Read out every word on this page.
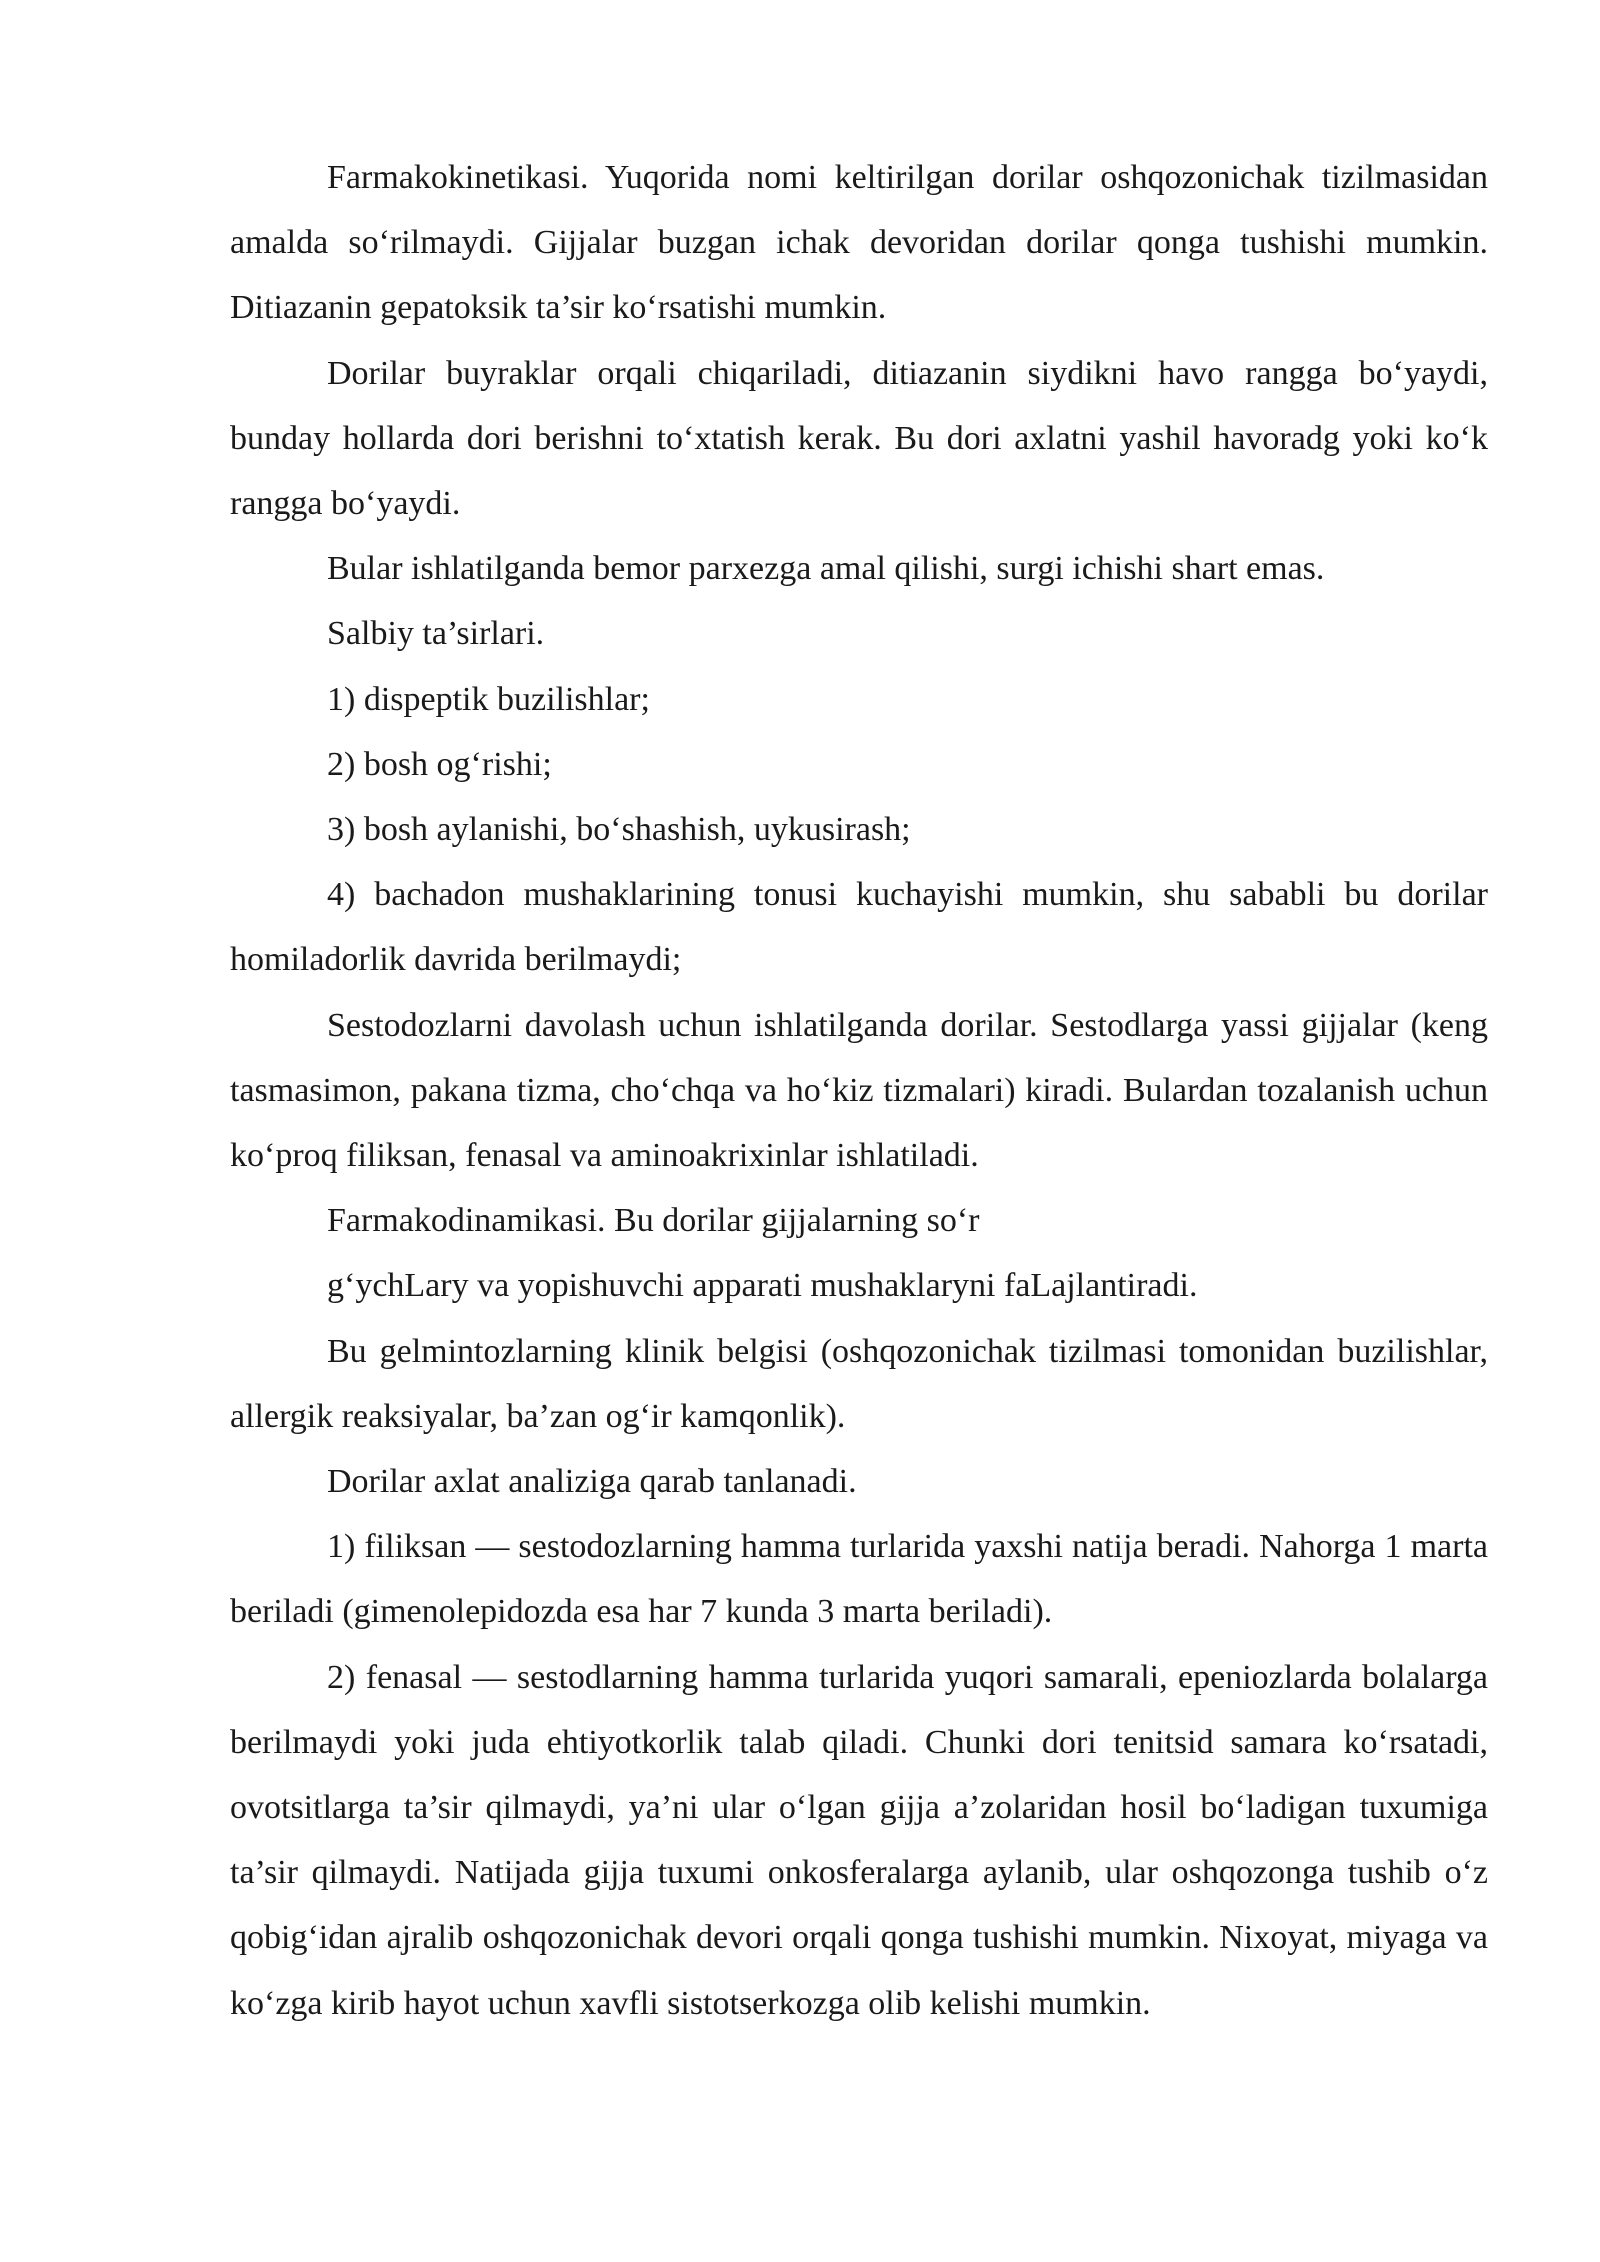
Farmakokinetikasi. Yuqorida nomi keltirilgan dorilar oshqozonichak tizilmasidan amalda so‘rilmaydi. Gijjalar buzgan ichak devoridan dorilar qonga tushishi mumkin. Ditiazanin gepatoksik ta’sir ko‘rsatishi mumkin.

Dorilar buyraklar orqali chiqariladi, ditiazanin siydikni havo rangga bo‘yaydi, bunday hollarda dori berishni to‘xtatish kerak. Bu dori axlatni yashil havoradg yoki ko‘k rangga bo‘yaydi.

Bular ishlatilganda bemor parxezga amal qilishi, surgi ichishi shart emas.

Salbiy ta’sirlari.

1) dispeptik buzilishlar;

2) bosh og‘rishi;

3) bosh aylanishi, bo‘shashish, uykusirash;

4) bachadon mushaklarining tonusi kuchayishi mumkin, shu sababli bu dorilar homiladorlik davrida berilmaydi;

Sestodozlarni davolash uchun ishlatilganda dorilar. Sestodlarga yassi gijjalar (keng tasmasimon, pakana tizma, cho‘chqa va ho‘kiz tizmalari) kiradi. Bulardan tozalanish uchun ko‘proq filiksan, fenasal va aminoakrixinlar ishlatiladi.

Farmakodinamikasi. Bu dorilar gijjalarning so‘r

g‘ychLary va yopishuvchi apparati mushaklaryni faLajlantiradi.

Bu gelmintozlarning klinik belgisi (oshqozonichak tizilmasi tomonidan buzilishlar, allergik reaksiyalar, ba’zan og‘ir kamqonlik).

Dorilar axlat analiziga qarab tanlanadi.

1) filiksan — sestodozlarning hamma turlarida yaxshi natija beradi. Nahorga 1 marta beriladi (gimenolepidozda esa har 7 kunda 3 marta beriladi).

2) fenasal — sestodlarning hamma turlarida yuqori samarali, epeniozlarda bolalarga berilmaydi yoki juda ehtiyotkorlik talab qiladi. Chunki dori tenitsid samara ko‘rsatadi, ovotsitlarga ta’sir qilmaydi, ya’ni ular o‘lgan gijja a’zolaridan hosil bo‘ladigan tuxumiga ta’sir qilmaydi. Natijada gijja tuxumi onkosferalarga aylanib, ular oshqozonga tushib o‘z qobig‘idan ajralib oshqozonichak devori orqali qonga tushishi mumkin. Nixoyat, miyaga va ko‘zga kirib hayot uchun xavfli sistotserkozga olib kelishi mumkin.
